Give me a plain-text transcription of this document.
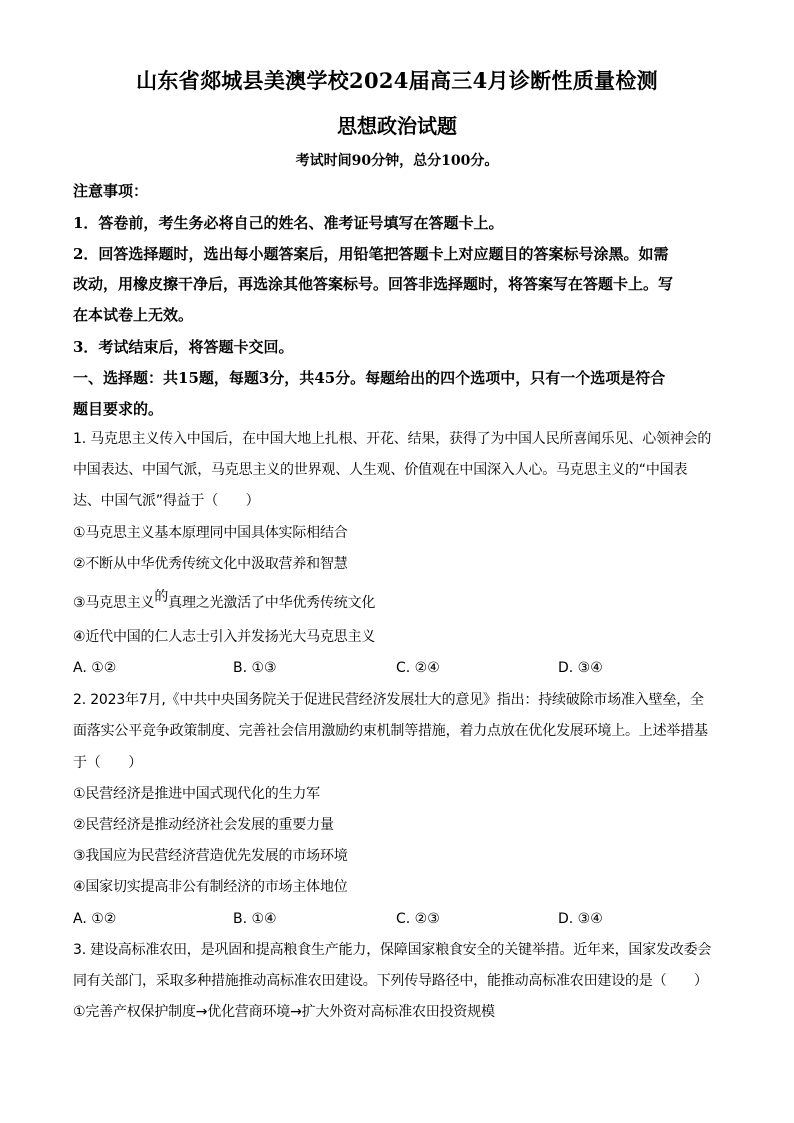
山东省郯城县美澳学校2024届高三4月诊断性质量检测
思想政治试题
考试时间90分钟，总分100分。
注意事项：
1．答卷前，考生务必将自己的姓名、准考证号填写在答题卡上。
2．回答选择题时，选出每小题答案后，用铅笔把答题卡上对应题目的答案标号涂黑。如需
改动，用橡皮擦干净后，再选涂其他答案标号。回答非选择题时，将答案写在答题卡上。写
在本试卷上无效。
3．考试结束后，将答题卡交回。
一、选择题：共15题，每题3分，共45分。每题给出的四个选项中，只有一个选项是符合
题目要求的。
1. 马克思主义传入中国后，在中国大地上扎根、开花、结果，获得了为中国人民所喜闻乐见、心领神会的
中国表达、中国气派，马克思主义的世界观、人生观、价值观在中国深入人心。马克思主义的“中国表
达、中国气派”得益于（　　）
①马克思主义基本原理同中国具体实际相结合
②不断从中华优秀传统文化中汲取营养和智慧
③马克思主义的真理之光激活了中华优秀传统文化
④近代中国的仁人志士引入并发扬光大马克思主义
A. ①②	B. ①③	C. ②④	D. ③④
2. 2023年7月,《中共中央国务院关于促进民营经济发展壮大的意见》指出：持续破除市场准入壁垒，全
面落实公平竞争政策制度、完善社会信用激励约束机制等措施，着力点放在优化发展环境上。上述举措基
于（　　）
①民营经济是推进中国式现代化的生力军
②民营经济是推动经济社会发展的重要力量
③我国应为民营经济营造优先发展的市场环境
④国家切实提高非公有制经济的市场主体地位
A. ①②	B. ①④	C. ②③	D. ③④
3. 建设高标准农田，是巩固和提高粮食生产能力，保障国家粮食安全的关键举措。近年来，国家发改委会
同有关部门，采取多种措施推动高标准农田建设。下列传导路径中，能推动高标准农田建设的是（　　）
①完善产权保护制度→优化营商环境→扩大外资对高标准农田投资规模
